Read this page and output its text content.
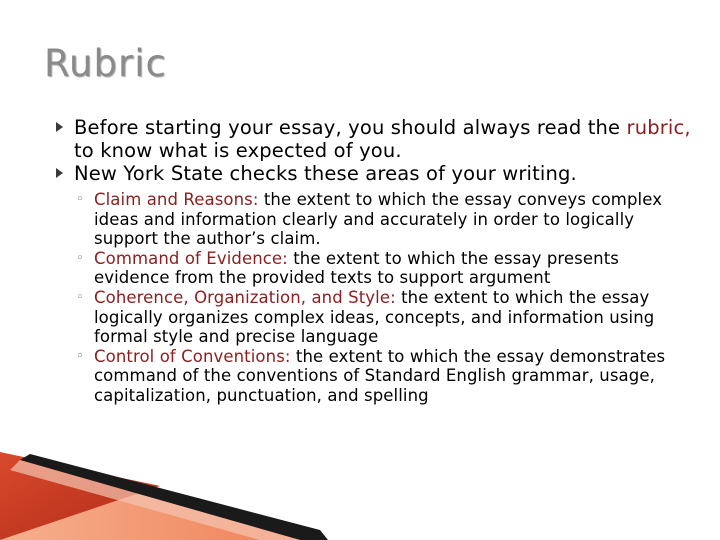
Rubric
Before starting your essay, you should always read the rubric, to know what is expected of you.
New York State checks these areas of your writing.
◦ Claim and Reasons: the extent to which the essay conveys complex ideas and information clearly and accurately in order to logically support the author’s claim.
◦ Command of Evidence: the extent to which the essay presents evidence from the provided texts to support argument
◦ Coherence, Organization, and Style: the extent to which the essay logically organizes complex ideas, concepts, and information using formal style and precise language
◦ Control of Conventions: the extent to which the essay demonstrates command of the conventions of Standard English grammar, usage, capitalization, punctuation, and spelling
